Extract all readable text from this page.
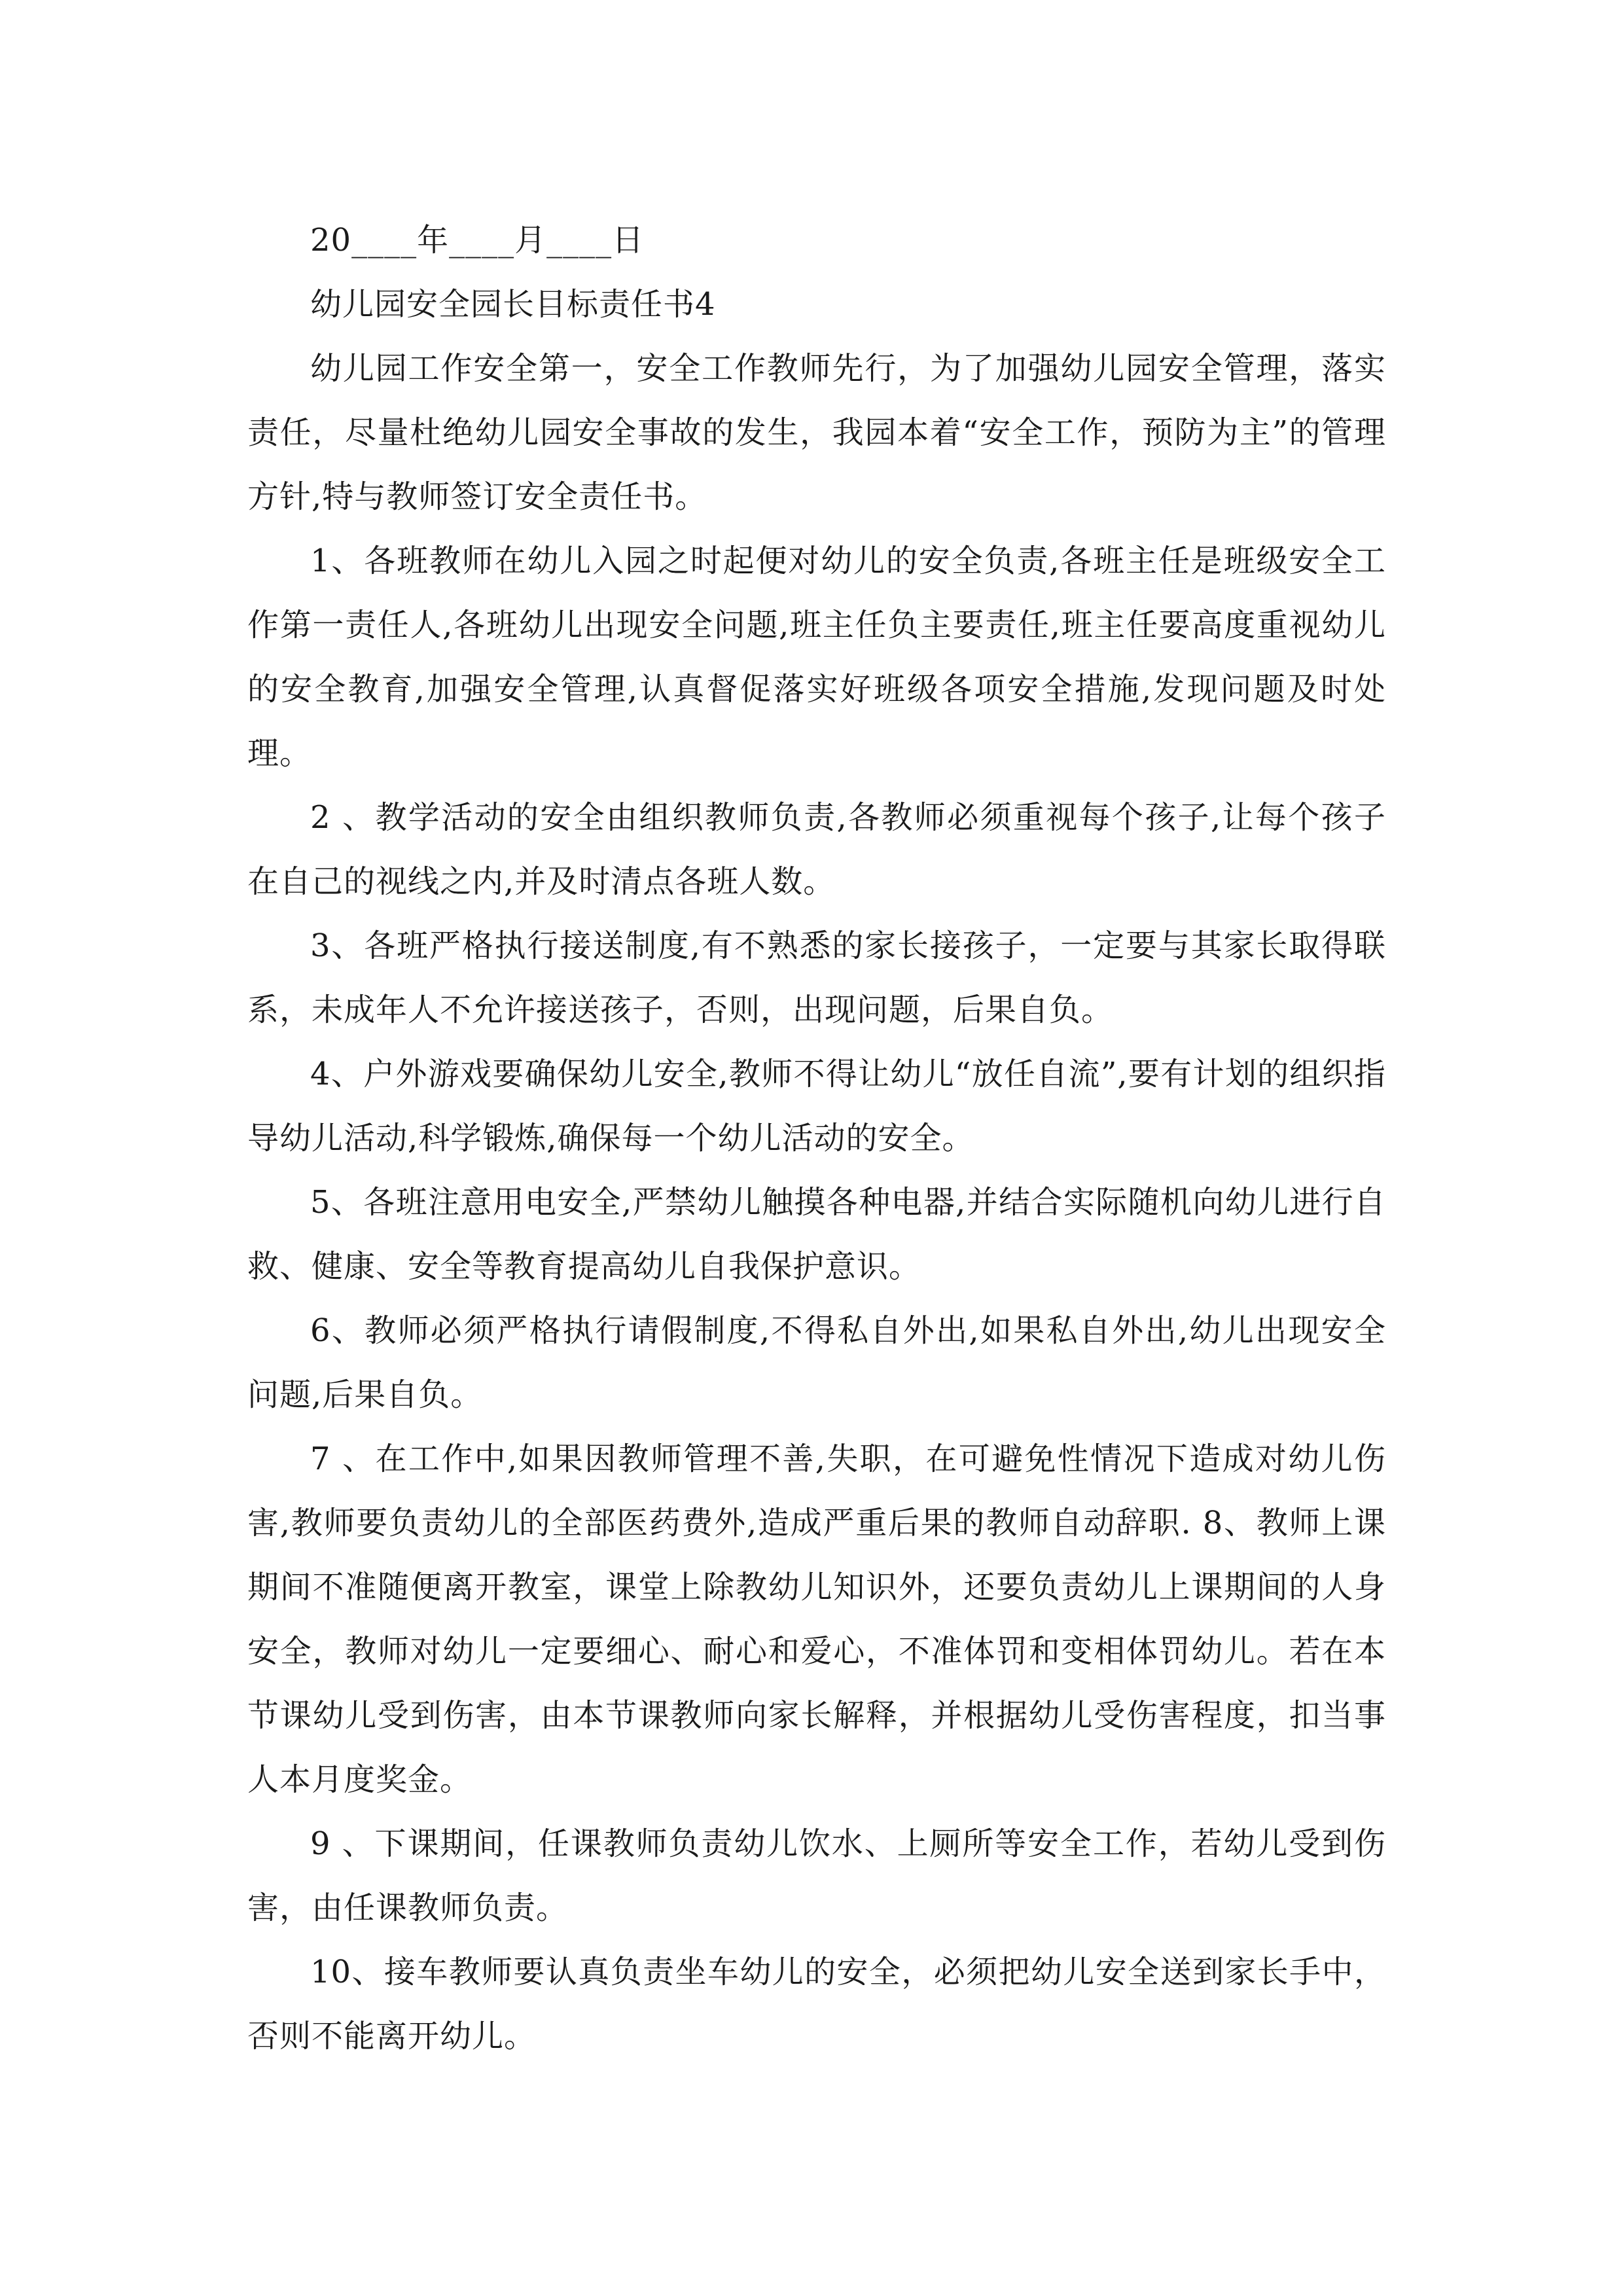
20____年____月____日

幼儿园安全园长目标责任书4

幼儿园工作安全第一，安全工作教师先行，为了加强幼儿园安全管理，落实责任，尽量杜绝幼儿园安全事故的发生，我园本着“安全工作，预防为主”的管理方针,特与教师签订安全责任书。

1、各班教师在幼儿入园之时起便对幼儿的安全负责,各班主任是班级安全工作第一责任人,各班幼儿出现安全问题,班主任负主要责任,班主任要高度重视幼儿的安全教育,加强安全管理,认真督促落实好班级各项安全措施,发现问题及时处理。

2 、教学活动的安全由组织教师负责,各教师必须重视每个孩子,让每个孩子在自己的视线之内,并及时清点各班人数。

3、各班严格执行接送制度,有不熟悉的家长接孩子，一定要与其家长取得联系，未成年人不允许接送孩子，否则，出现问题，后果自负。

4、户外游戏要确保幼儿安全,教师不得让幼儿“放任自流”,要有计划的组织指导幼儿活动,科学锻炼,确保每一个幼儿活动的安全。

5、各班注意用电安全,严禁幼儿触摸各种电器,并结合实际随机向幼儿进行自救、健康、安全等教育提高幼儿自我保护意识。

6、教师必须严格执行请假制度,不得私自外出,如果私自外出,幼儿出现安全问题,后果自负。

7 、在工作中,如果因教师管理不善,失职，在可避免性情况下造成对幼儿伤害,教师要负责幼儿的全部医药费外,造成严重后果的教师自动辞职. 8、教师上课期间不准随便离开教室，课堂上除教幼儿知识外，还要负责幼儿上课期间的人身安全，教师对幼儿一定要细心、耐心和爱心，不准体罚和变相体罚幼儿。若在本节课幼儿受到伤害，由本节课教师向家长解释，并根据幼儿受伤害程度，扣当事人本月度奖金。

9 、下课期间，任课教师负责幼儿饮水、上厕所等安全工作，若幼儿受到伤害，由任课教师负责。

10、接车教师要认真负责坐车幼儿的安全，必须把幼儿安全送到家长手中，否则不能离开幼儿。
